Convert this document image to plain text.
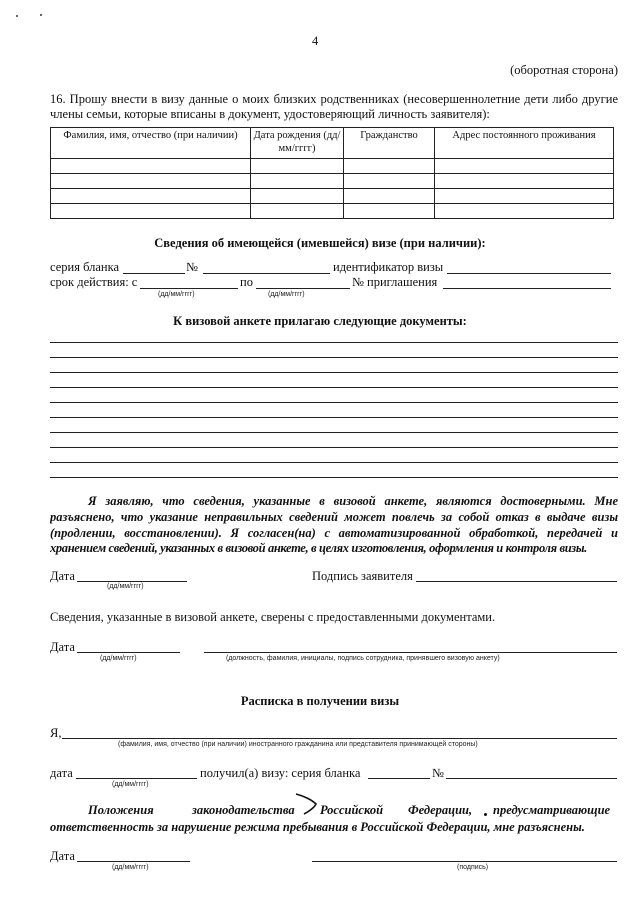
4
(оборотная сторона)
16. Прошу внести в визу данные о моих близких родственниках (несовершеннолетние дети либо другие члены семьи, которые вписаны в документ, удостоверяющий личность заявителя):
Фамилия, имя, отчество (при наличии)	Дата рождения (дд/мм/гггг)	Гражданство	Адрес постоянного проживания

Сведения об имеющейся (имевшейся) визе (при наличии):
серия бланка	№	идентификатор визы
срок действия: с	по	№ приглашения
(дд/мм/гггг)	(дд/мм/гггг)
К визовой анкете прилагаю следующие документы:
Я заявляю, что сведения, указанные в визовой анкете, являются достоверными. Мне
разъяснено, что указание неправильных сведений может повлечь за собой отказ в выдаче визы
(продлении, восстановлении). Я согласен(на) с автоматизированной обработкой, передачей и
хранением сведений, указанных в визовой анкете, в целях изготовления, оформления и контроля визы.
Дата
(дд/мм/гггг)
Подпись заявителя
Сведения, указанные в визовой анкете, сверены с предоставленными документами.
Дата
(дд/мм/гггг)	(должность, фамилия, инициалы, подпись сотрудника, принявшего визовую анкету)
Расписка в получении визы
Я,
(фамилия, имя, отчество (при наличии) иностранного гражданина или представителя принимающей стороны)
дата
(дд/мм/гггг)
получил(а) визу: серия бланка	№
Положения	законодательства Российской Федерации, предусматривающие
ответственность за нарушение режима пребывания в Российской Федерации, мне разъяснены.
Дата
(дд/мм/гггг)	(подпись)
